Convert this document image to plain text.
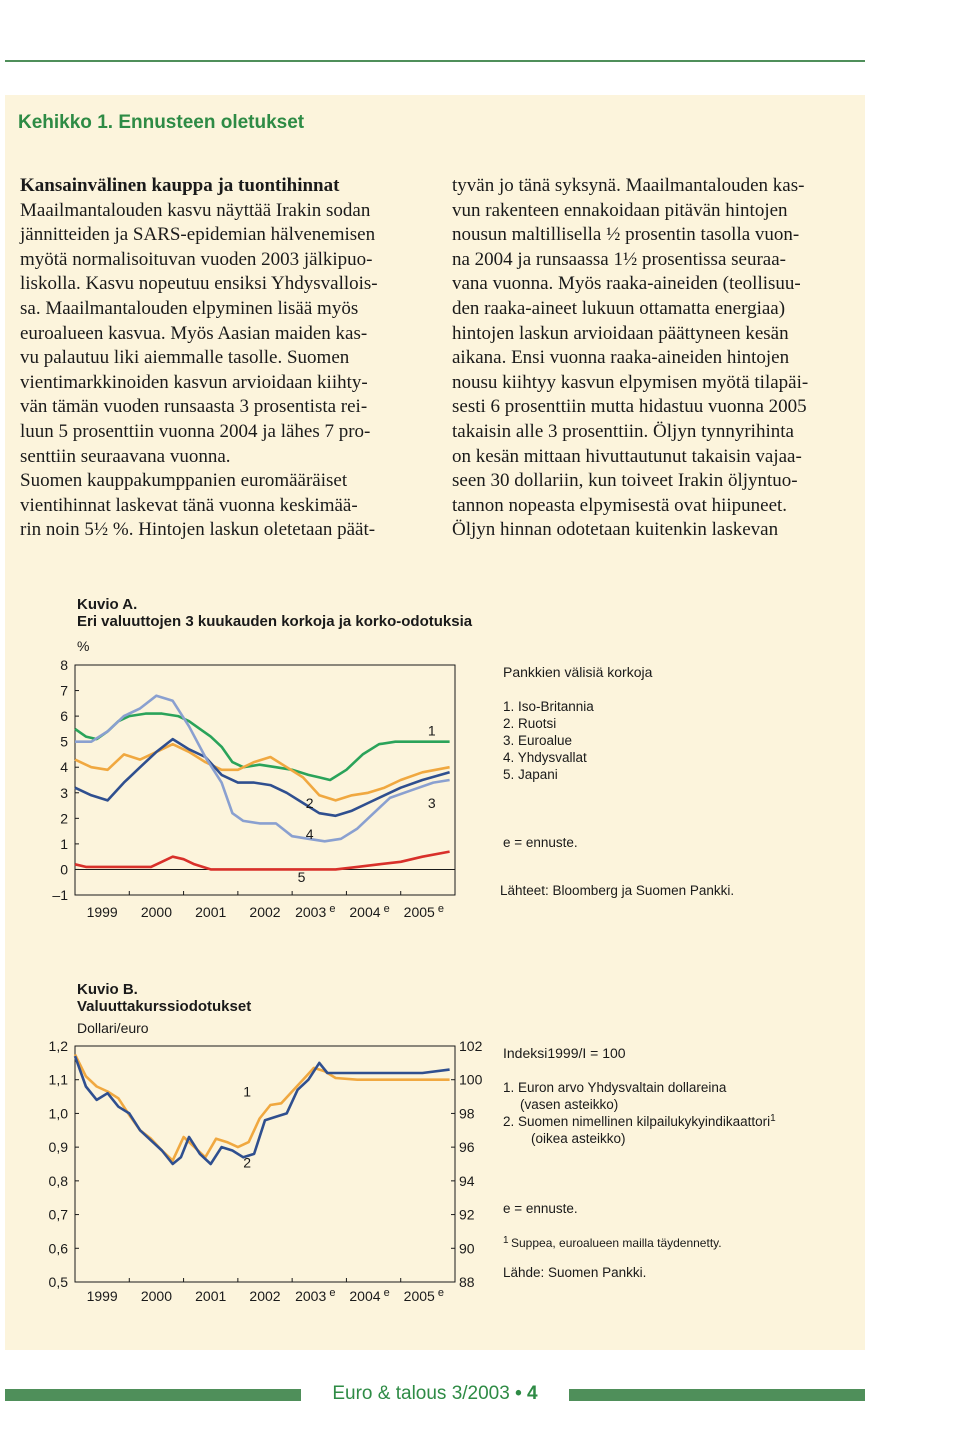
Kehikko 1. Ennusteen oletukset
Kansainvälinen kauppa ja tuontihinnat
Maailmantalouden kasvu näyttää Irakin sodan
jännitteiden ja SARS-epidemian hälvenemisen
myötä normalisoituvan vuoden 2003 jälkipuo-
liskolla. Kasvu nopeutuu ensiksi Yhdysvallois-
sa. Maailmantalouden elpyminen lisää myös
euroalueen kasvua. Myös Aasian maiden kas-
vu palautuu liki aiemmalle tasolle. Suomen
vientimarkkinoiden kasvun arvioidaan kiihty-
vän tämän vuoden runsaasta 3 prosentista rei-
luun 5 prosenttiin vuonna 2004 ja lähes 7 pro-
senttiin seuraavana vuonna.
Suomen kauppakumppanien euromääräiset
vientihinnat laskevat tänä vuonna keskimää-
rin noin 5½ %. Hintojen laskun oletetaan päät-
tyvän jo tänä syksynä. Maailmantalouden kas-
vun rakenteen ennakoidaan pitävän hintojen
nousun maltillisella ½ prosentin tasolla vuon-
na 2004 ja runsaassa 1½ prosentissa seuraa-
vana vuonna. Myös raaka-aineiden (teollisuu-
den raaka-aineet lukuun ottamatta energiaa)
hintojen laskun arvioidaan päättyneen kesän
aikana. Ensi vuonna raaka-aineiden hintojen
nousu kiihtyy kasvun elpymisen myötä tilapäi-
sesti 6 prosenttiin mutta hidastuu vuonna 2005
takaisin alle 3 prosenttiin. Öljyn tynnyrihinta
on kesän mittaan hivuttautunut takaisin vajaa-
seen 30 dollariin, kun toiveet Irakin öljyntuo-
tannon nopeasta elpymisestä ovat hiipuneet.
Öljyn hinnan odotetaan kuitenkin laskevan
Kuvio A.
Eri valuuttojen 3 kuukauden korkoja ja korko-odotuksia
%
8
7
6
5
4
3
2
1
0
–1
1999 2000 2001 2002 2003 $^e$ 2004 $^e$ 2005 $^e$
1
2	3
4
5
Pankkien välisiä korkoja
1. Iso-Britannia
2. Ruotsi
3. Euroalue
4. Yhdysvallat
5. Japani
e = ennuste.
Lähteet: Bloomberg ja Suomen Pankki.
Kuvio B.
Valuuttakurssiodotukset
Dollari/euro
1,2
1,1
1,0
0,9
0,8
0,7
0,6
0,5
102
100
98
96
94
92
90
88
1999 2000 2001 2002 2003 $^e$ 2004 $^e$ 2005 $^e$
1
2
Indeksi1999/I = 100
1. Euron arvo Yhdysvaltain dollareina
(vasen asteikko)
2. Suomen nimellinen kilpailukykyindikaattori$^1$
(oikea asteikko)
e = ennuste.
1 Suppea, euroalueen mailla täydennetty.
Lähde: Suomen Pankki.
Euro & talous 3/2003 • 4
